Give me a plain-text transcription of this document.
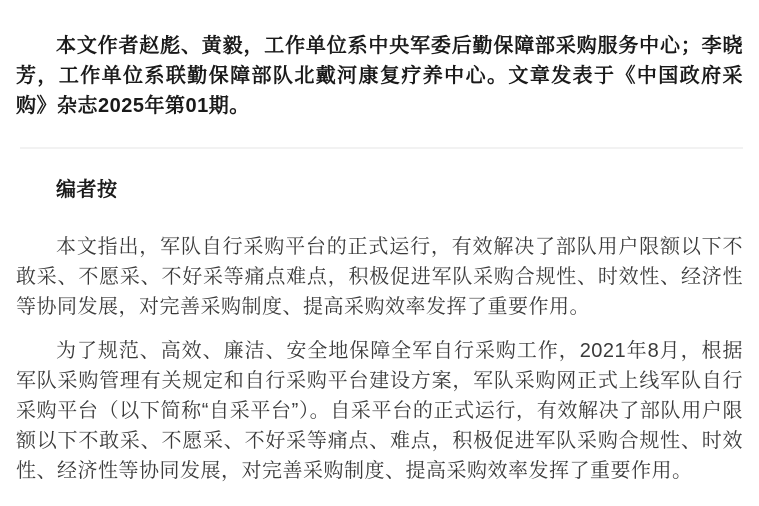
本文作者赵彪、黄毅，工作单位系中央军委后勤保障部采购服务中心；李晓芳，工作单位系联勤保障部队北戴河康复疗养中心。文章发表于《中国政府采购》杂志2025年第01期。

编者按

本文指出，军队自行采购平台的正式运行，有效解决了部队用户限额以下不敢采、不愿采、不好采等痛点难点，积极促进军队采购合规性、时效性、经济性等协同发展，对完善采购制度、提高采购效率发挥了重要作用。

为了规范、高效、廉洁、安全地保障全军自行采购工作，2021年8月，根据军队采购管理有关规定和自行采购平台建设方案，军队采购网正式上线军队自行采购平台（以下简称“自采平台”）。自采平台的正式运行，有效解决了部队用户限额以下不敢采、不愿采、不好采等痛点、难点，积极促进军队采购合规性、时效性、经济性等协同发展，对完善采购制度、提高采购效率发挥了重要作用。
